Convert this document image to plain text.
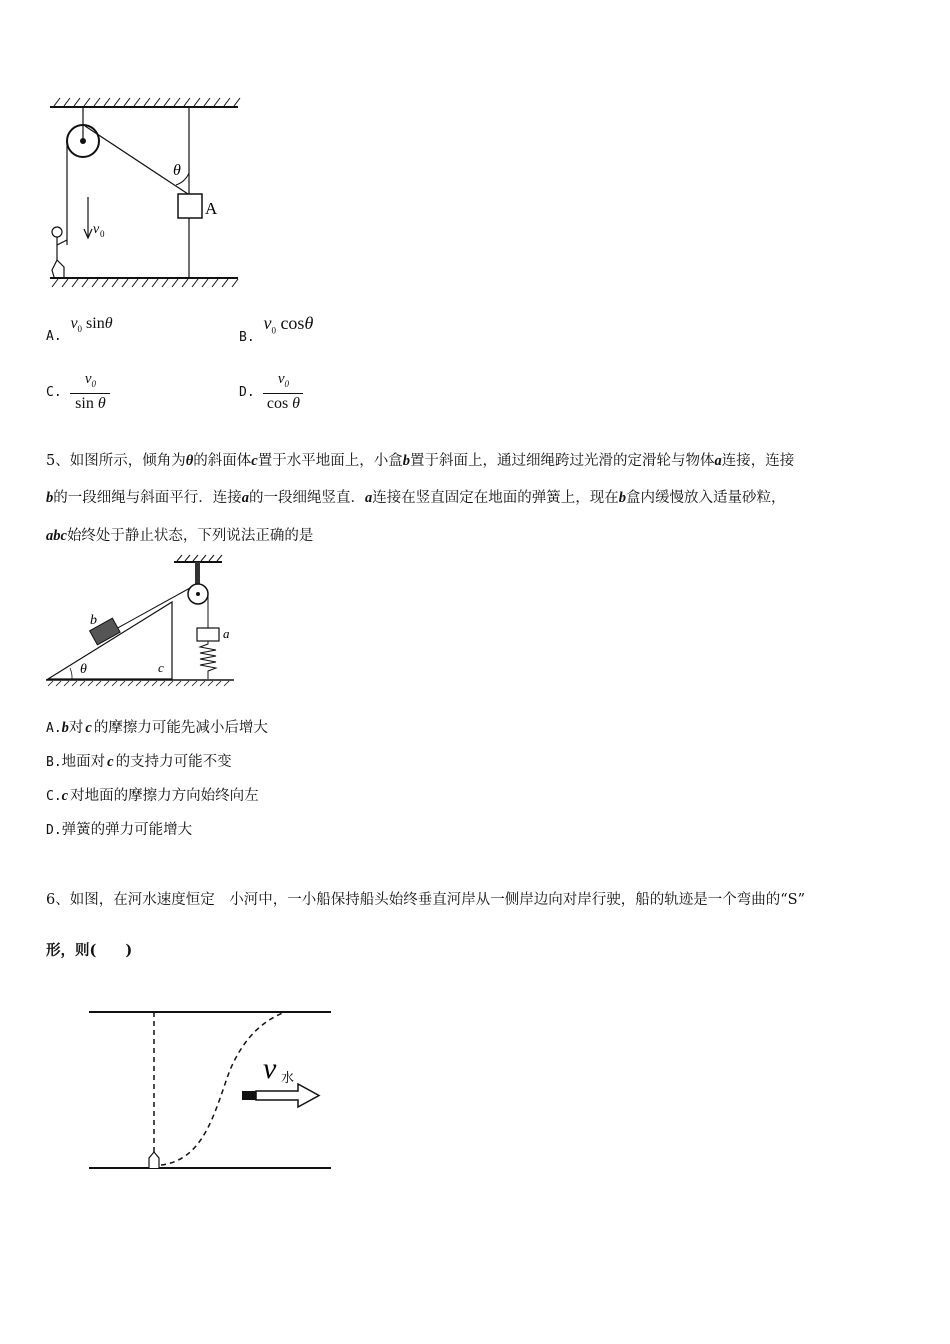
θ
A
v 0
A. $v_0$ sinθ
B. $v_0$ cosθ
C. $\frac{v_0}{\text{sin θ}}$	D. $\frac{v_0}{\text{cos θ}}$
5、如图所示，倾角为θ的斜面体c置于水平地面上，小盒b置于斜面上，通过细绳跨过光滑的定滑轮与物体a连接，连接
b的一段细绳与斜面平行．连接a的一段细绳竖直．a连接在竖直固定在地面的弹簧上，现在b盒内缓慢放入适量砂粒，
abc始终处于静止状态，下列说法正确的是
b
a
c
θ
A.b对 c 的摩擦力可能先减小后增大
B.地面对 c 的支持力可能不变
C.c 对地面的摩擦力方向始终向左
D.弹簧的弹力可能增大
6、如图，在河水速度恒定　小河中，一小船保持船头始终垂直河岸从一侧岸边向对岸行驶，船的轨迹是一个弯曲的“S”
形，则(　　)
v 水
